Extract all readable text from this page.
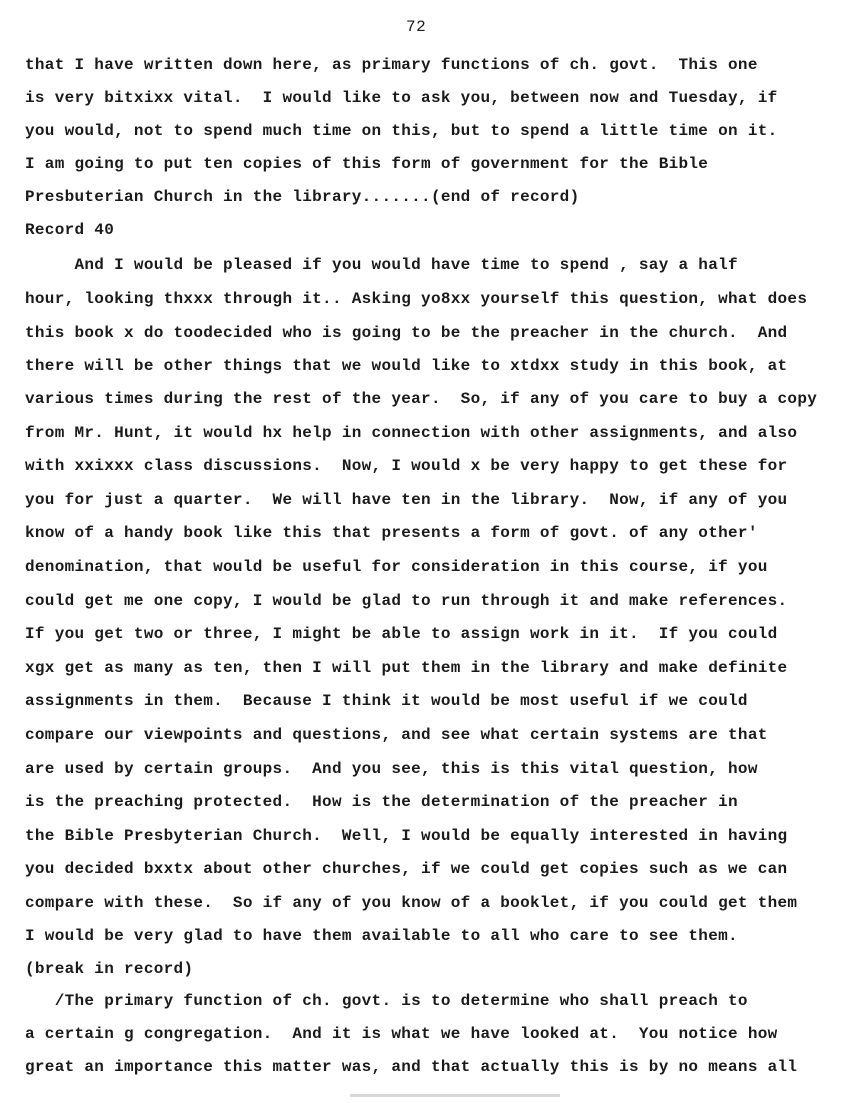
72
that I have written down here, as primary functions of ch. govt.  This one
is very bitxixx vital.  I would like to ask you, between now and Tuesday, if
you would, not to spend much time on this, but to spend a little time on it.
I am going to put ten copies of this form of government for the Bible
Presbuterian Church in the library.......(end of record)
Record 40
And I would be pleased if you would have time to spend , say a half
hour, looking thxxx through it.. Asking yo8xx yourself this question, what does
this book x do toodecided who is going to be the preacher in the church.  And
there will be other things that we would like to xtdxx study in this book, at
various times during the rest of the year.  So, if any of you care to buy a copy
from Mr. Hunt, it would hx help in connection with other assignments, and also
with xxixxx class discussions.  Now, I would x be very happy to get these for
you for just a quarter.  We will have ten in the library.  Now, if any of you
know of a handy book like this that presents a form of govt. of any other'
denomination, that would be useful for consideration in this course, if you
could get me one copy, I would be glad to run through it and make references.
If you get two or three, I might be able to assign work in it.  If you could
xgx get as many as ten, then I will put them in the library and make definite
assignments in them.  Because I think it would be most useful if we could
compare our viewpoints and questions, and see what certain systems are that
are used by certain groups.  And you see, this is this vital question, how
is the preaching protected.  How is the determination of the preacher in
the Bible Presbyterian Church.  Well, I would be equally interested in having
you decided bxxtx about other churches, if we could get copies such as we can
compare with these.  So if any of you know of a booklet, if you could get them
I would be very glad to have them available to all who care to see them.
(break in record)
/The primary function of ch. govt. is to determine who shall preach to
a certain g congregation.  And it is what we have looked at.  You notice how
great an importance this matter was, and that actually this is by no means all
